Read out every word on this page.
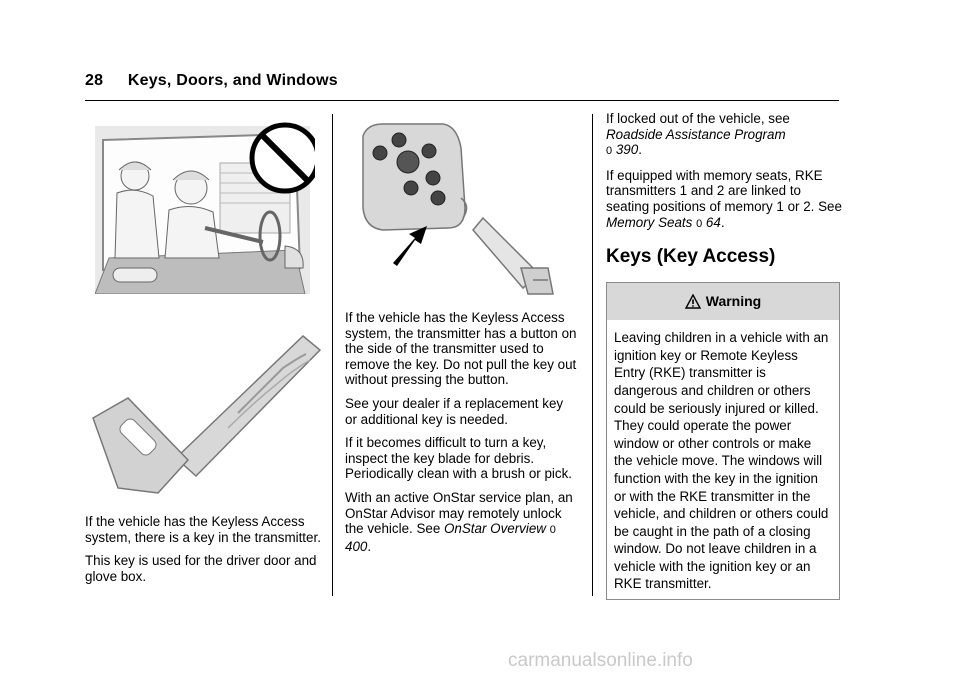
28 Keys, Doors, and Windows

If the vehicle has the Keyless Access system, there is a key in the transmitter.

This key is used for the driver door and glove box.

If the vehicle has the Keyless Access system, the transmitter has a button on the side of the transmitter used to remove the key. Do not pull the key out without pressing the button.

See your dealer if a replacement key or additional key is needed.

If it becomes difficult to turn a key, inspect the key blade for debris. Periodically clean with a brush or pick.

With an active OnStar service plan, an OnStar Advisor may remotely unlock the vehicle. See OnStar Overview 0 400.

If locked out of the vehicle, see Roadside Assistance Program
0 390.

If equipped with memory seats, RKE transmitters 1 and 2 are linked to seating positions of memory 1 or 2. See Memory Seats 0 64.

Keys (Key Access)
Warning
Leaving children in a vehicle with an ignition key or Remote Keyless Entry (RKE) transmitter is dangerous and children or others could be seriously injured or killed. They could operate the power window or other controls or make the vehicle move. The windows will function with the key in the ignition or with the RKE transmitter in the vehicle, and children or others could be caught in the path of a closing window. Do not leave children in a vehicle with the ignition key or an RKE transmitter.
carmanualsonline.info
